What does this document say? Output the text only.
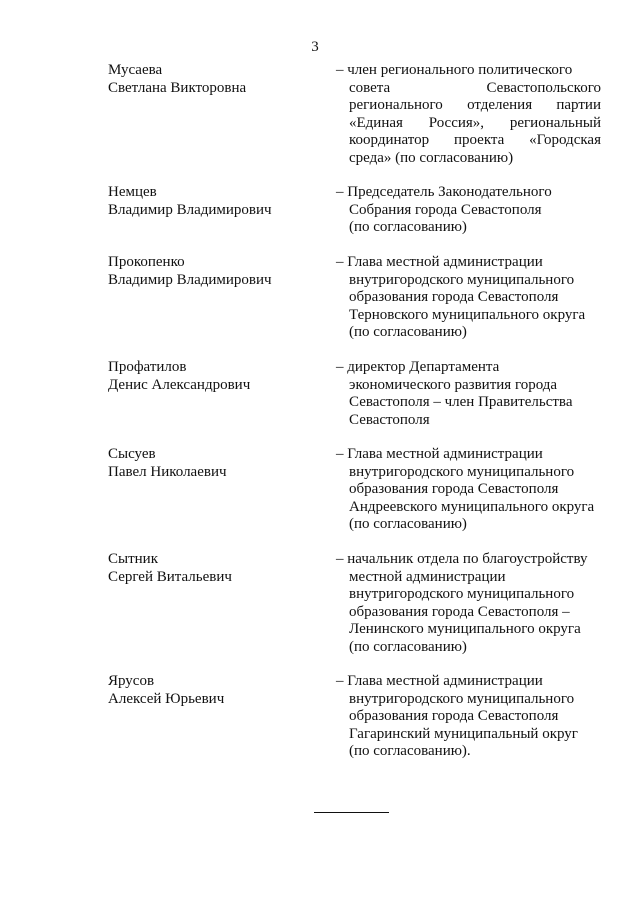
3
Мусаева
Светлана Викторовна
– член регионального политического
совета	Севастопольского
регионального отделения партии
«Единая Россия», региональный
координатор проекта «Городская
среда» (по согласованию)
Немцев
Владимир Владимирович
– Председатель Законодательного
Собрания города Севастополя
(по согласованию)
Прокопенко
Владимир Владимирович
– Глава местной администрации
внутригородского муниципального
образования города Севастополя
Терновского муниципального округа
(по согласованию)
Профатилов
Денис Александрович
– директор Департамента
экономического развития города
Севастополя – член Правительства
Севастополя
Сысуев
Павел Николаевич
– Глава местной администрации
внутригородского муниципального
образования города Севастополя
Андреевского муниципального округа
(по согласованию)
Сытник
Сергей Витальевич
– начальник отдела по благоустройству
местной администрации
внутригородского муниципального
образования города Севастополя –
Ленинского муниципального округа
(по согласованию)
Ярусов
Алексей Юрьевич
– Глава местной администрации
внутригородского муниципального
образования города Севастополя
Гагаринский муниципальный округ
(по согласованию).
